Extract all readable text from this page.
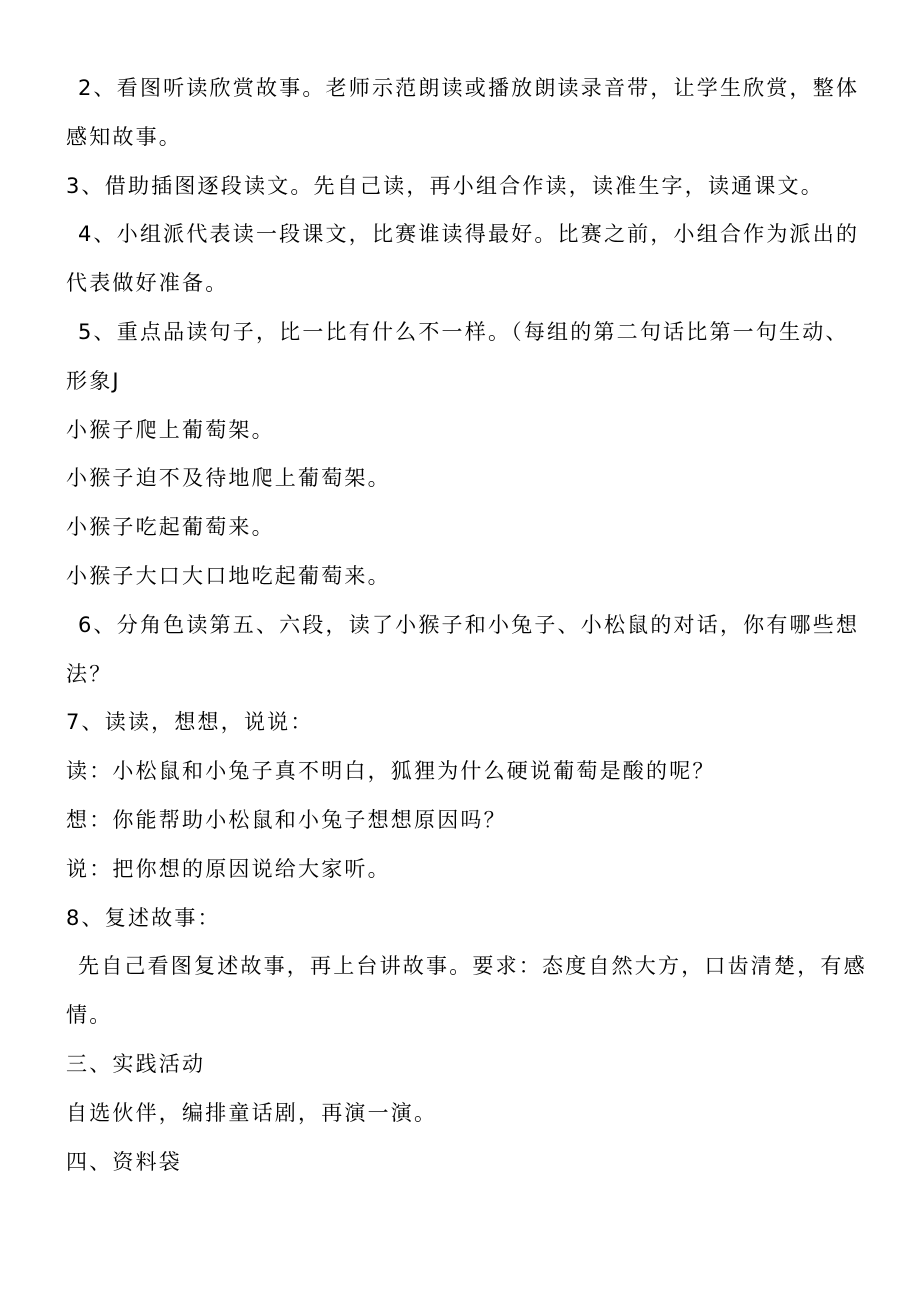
2、看图听读欣赏故事。老师示范朗读或播放朗读录音带，让学生欣赏，整体
感知故事。
3、借助插图逐段读文。先自己读，再小组合作读，读准生字，读通课文。
4、小组派代表读一段课文，比赛谁读得最好。比赛之前，小组合作为派出的
代表做好准备。
5、重点品读句子，比一比有什么不一样。（每组的第二句话比第一句生动、
形象J
小猴子爬上葡萄架。
小猴子迫不及待地爬上葡萄架。
小猴子吃起葡萄来。
小猴子大口大口地吃起葡萄来。
6、分角色读第五、六段，读了小猴子和小兔子、小松鼠的对话，你有哪些想
法？
7、读读，想想，说说：
读：小松鼠和小兔子真不明白，狐狸为什么硬说葡萄是酸的呢？
想：你能帮助小松鼠和小兔子想想原因吗？
说：把你想的原因说给大家听。
8、复述故事：
先自己看图复述故事，再上台讲故事。要求：态度自然大方，口齿清楚，有感
情。
三、实践活动
自选伙伴，编排童话剧，再演一演。
四、资料袋
